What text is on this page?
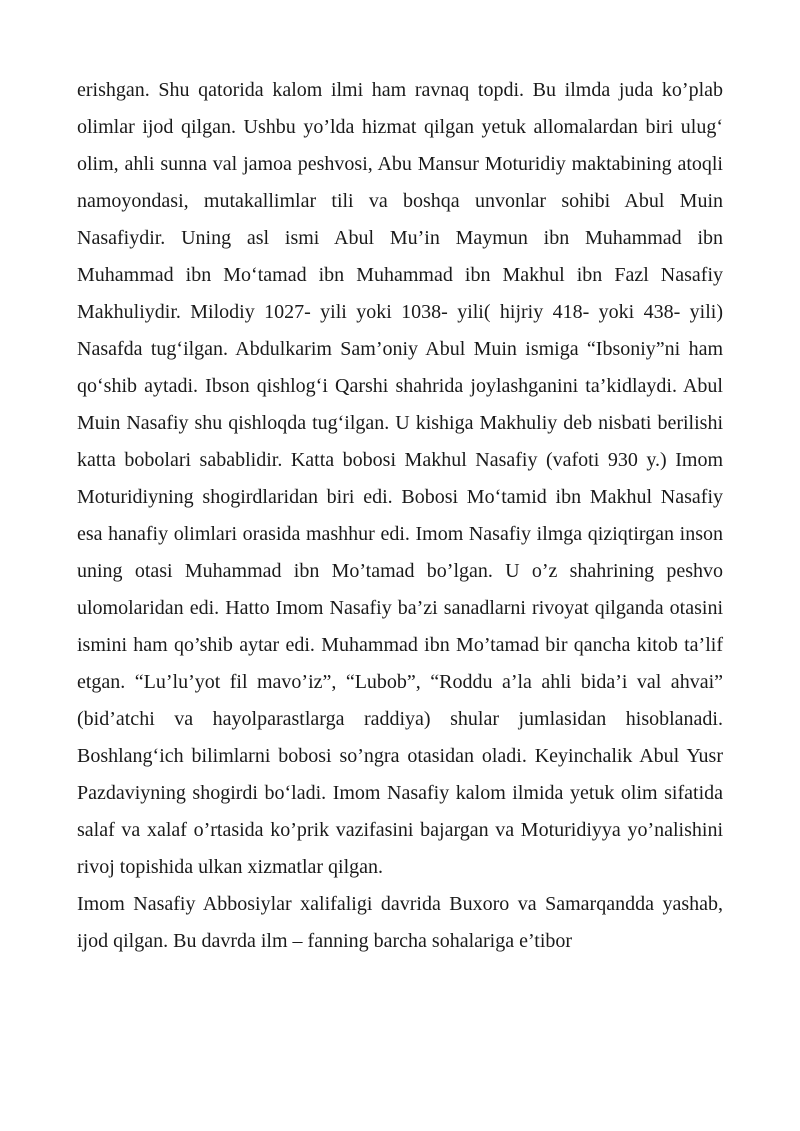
erishgan. Shu qatorida kalom ilmi ham ravnaq topdi. Bu ilmda juda ko’plab olimlar ijod qilgan. Ushbu yo’lda hizmat qilgan yetuk allomalardan biri ulug‘ olim, ahli sunna val jamoa peshvosi, Abu Mansur Moturidiy maktabining atoqli namoyondasi, mutakallimlar tili va boshqa unvonlar sohibi Abul Muin Nasafiydir. Uning asl ismi Abul Mu’in Maymun ibn Muhammad ibn Muhammad ibn Mo‘tamad ibn Muhammad ibn Makhul ibn Fazl Nasafiy Makhuliydir. Milodiy 1027- yili yoki 1038- yili( hijriy 418- yoki 438- yili) Nasafda tug‘ilgan. Abdulkarim Sam’oniy Abul Muin ismiga “Ibsoniy”ni ham qo‘shib aytadi. Ibson qishlog‘i Qarshi shahrida joylashganini ta’kidlaydi. Abul Muin Nasafiy shu qishloqda tug‘ilgan. U kishiga Makhuliy deb nisbati berilishi katta bobolari sabablidir. Katta bobosi Makhul Nasafiy (vafoti 930 y.) Imom Moturidiyning shogirdlaridan biri edi. Bobosi Mo‘tamid ibn Makhul Nasafiy esa hanafiy olimlari orasida mashhur edi. Imom Nasafiy ilmga qiziqtirgan inson uning otasi Muhammad ibn Mo’tamad bo’lgan. U o’z shahrining peshvo ulomolaridan edi. Hatto Imom Nasafiy ba’zi sanadlarni rivoyat qilganda otasini ismini ham qo’shib aytar edi. Muhammad ibn Mo’tamad bir qancha kitob ta’lif etgan. “Lu’lu’yot fil mavo’iz”, “Lubob”, “Roddu a’la ahli bida’i val ahvai” (bid’atchi va hayolparastlarga raddiya) shular jumlasidan hisoblanadi. Boshlang‘ich bilimlarni bobosi so’ngra otasidan oladi. Keyinchalik Abul Yusr Pazdaviyning shogirdi bo‘ladi. Imom Nasafiy kalom ilmida yetuk olim sifatida salaf va xalaf o’rtasida ko’prik vazifasini bajargan va Moturidiyya yo’nalishini rivoj topishida ulkan xizmatlar qilgan.

Imom Nasafiy Abbosiylar xalifaligi davrida Buxoro va Samarqandda yashab, ijod qilgan. Bu davrda ilm – fanning barcha sohalariga e’tibor
